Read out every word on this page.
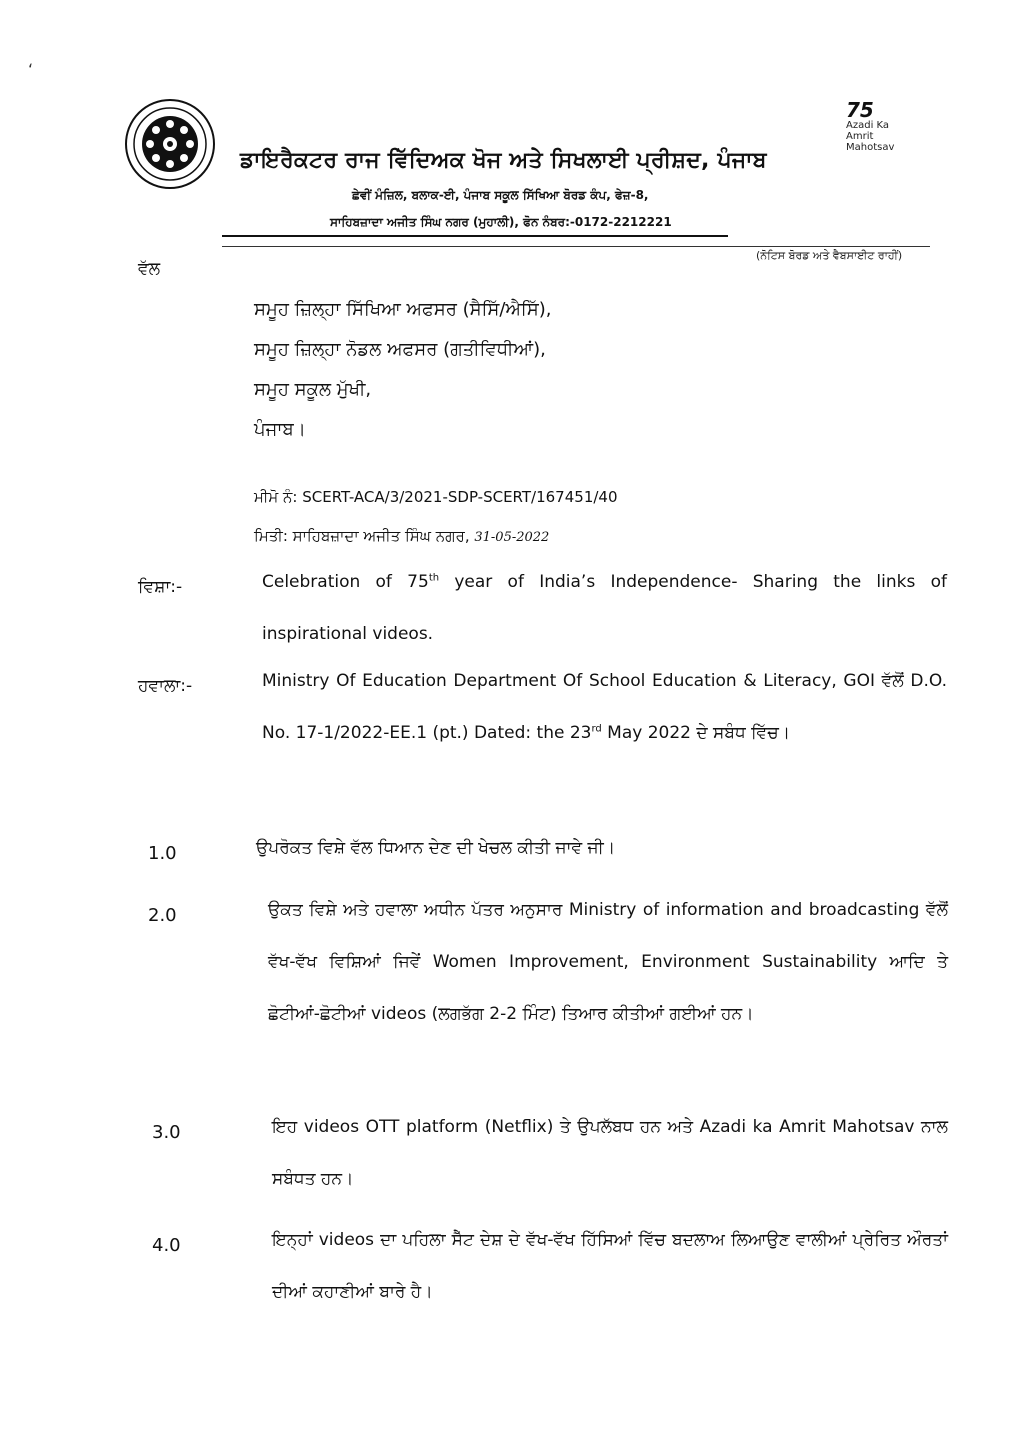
‘
75
Azadi Ka
Amrit Mahotsav
ਡਾਇਰੈਕਟਰ ਰਾਜ ਵਿੱਦਿਅਕ ਖੋਜ ਅਤੇ ਸਿਖਲਾਈ ਪ੍ਰੀਸ਼ਦ, ਪੰਜਾਬ
ਛੇਵੀਂ ਮੰਜ਼ਿਲ, ਬਲਾਕ-ਈ, ਪੰਜਾਬ ਸਕੂਲ ਸਿੱਖਿਆ ਬੋਰਡ ਕੰਪ, ਫੇਜ਼-8,
ਸਾਹਿਬਜ਼ਾਦਾ ਅਜੀਤ ਸਿੰਘ ਨਗਰ (ਮੁਹਾਲੀ), ਫੋਨ ਨੰਬਰ:-0172-2212221
(ਨੋਟਿਸ ਬੋਰਡ ਅਤੇ ਵੈਬਸਾਈਟ ਰਾਹੀਂ)
ਵੱਲ
ਸਮੂਹ ਜ਼ਿਲ੍ਹਾ ਸਿੱਖਿਆ ਅਫਸਰ (ਸੈਸਿੱ/ਐਸਿੱ),
ਸਮੂਹ ਜ਼ਿਲ੍ਹਾ ਨੋਡਲ ਅਫਸਰ (ਗਤੀਵਿਧੀਆਂ),
ਸਮੂਹ ਸਕੂਲ ਮੁੱਖੀ,
ਪੰਜਾਬ।
ਮੀਮੋ ਨੰ: SCERT-ACA/3/2021-SDP-SCERT/167451/40
ਮਿਤੀ: ਸਾਹਿਬਜ਼ਾਦਾ ਅਜੀਤ ਸਿੰਘ ਨਗਰ, 31-05-2022
ਵਿਸ਼ਾ:-	Celebration of 75th year of India’s Independence- Sharing the links of inspirational videos.
ਹਵਾਲਾ:-	Ministry Of Education Department Of School Education & Literacy, GOI ਵੱਲੋਂ D.O. No. 17-1/2022-EE.1 (pt.) Dated: the 23rd May 2022 ਦੇ ਸਬੰਧ ਵਿੱਚ।
1.0	ਉਪਰੋਕਤ ਵਿਸ਼ੇ ਵੱਲ ਧਿਆਨ ਦੇਣ ਦੀ ਖੇਚਲ ਕੀਤੀ ਜਾਵੇ ਜੀ।
2.0	ਉਕਤ ਵਿਸ਼ੇ ਅਤੇ ਹਵਾਲਾ ਅਧੀਨ ਪੱਤਰ ਅਨੁਸਾਰ Ministry of information and broadcasting ਵੱਲੋਂ ਵੱਖ-ਵੱਖ ਵਿਸ਼ਿਆਂ ਜਿਵੇਂ Women Improvement, Environment Sustainability ਆਦਿ ਤੇ ਛੋਟੀਆਂ-ਛੋਟੀਆਂ videos (ਲਗਭੱਗ 2-2 ਮਿੰਟ) ਤਿਆਰ ਕੀਤੀਆਂ ਗਈਆਂ ਹਨ।
3.0	ਇਹ videos OTT platform (Netflix) ਤੇ ਉਪਲੱਬਧ ਹਨ ਅਤੇ Azadi ka Amrit Mahotsav ਨਾਲ ਸਬੰਧਤ ਹਨ।
4.0	ਇਨ੍ਹਾਂ videos ਦਾ ਪਹਿਲਾ ਸੈੱਟ ਦੇਸ਼ ਦੇ ਵੱਖ-ਵੱਖ ਹਿੱਸਿਆਂ ਵਿੱਚ ਬਦਲਾਅ ਲਿਆਉਣ ਵਾਲੀਆਂ ਪ੍ਰੇਰਿਤ ਔਰਤਾਂ ਦੀਆਂ ਕਹਾਣੀਆਂ ਬਾਰੇ ਹੈ।
